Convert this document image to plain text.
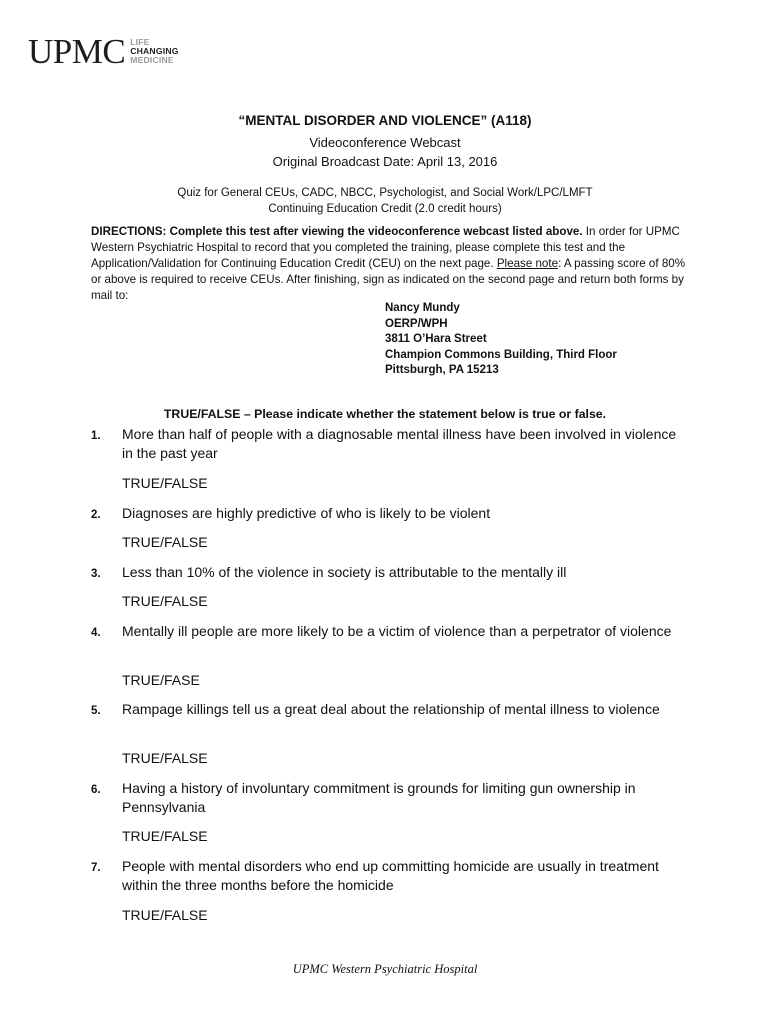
UPMC LIFE
CHANGING
MEDICINE
“MENTAL DISORDER AND VIOLENCE” (A118)
Videoconference Webcast
Original Broadcast Date: April 13, 2016
Quiz for General CEUs, CADC, NBCC, Psychologist, and Social Work/LPC/LMFT
Continuing Education Credit (2.0 credit hours)
DIRECTIONS: Complete this test after viewing the videoconference webcast listed above. In order for UPMC Western Psychiatric Hospital to record that you completed the training, please complete this test and the Application/Validation for Continuing Education Credit (CEU) on the next page. Please note: A passing score of 80% or above is required to receive CEUs. After finishing, sign as indicated on the second page and return both forms by mail to:
Nancy Mundy
OERP/WPH
3811 O’Hara Street
Champion Commons Building, Third Floor
Pittsburgh, PA 15213
TRUE/FALSE – Please indicate whether the statement below is true or false.
1. More than half of people with a diagnosable mental illness have been involved in violence in the past year
TRUE/FALSE
2. Diagnoses are highly predictive of who is likely to be violent
TRUE/FALSE
3. Less than 10% of the violence in society is attributable to the mentally ill
TRUE/FALSE
4. Mentally ill people are more likely to be a victim of violence than a perpetrator of violence
TRUE/FASE
5. Rampage killings tell us a great deal about the relationship of mental illness to violence
TRUE/FALSE
6. Having a history of involuntary commitment is grounds for limiting gun ownership in Pennsylvania
TRUE/FALSE
7. People with mental disorders who end up committing homicide are usually in treatment within the three months before the homicide
TRUE/FALSE
UPMC Western Psychiatric Hospital
